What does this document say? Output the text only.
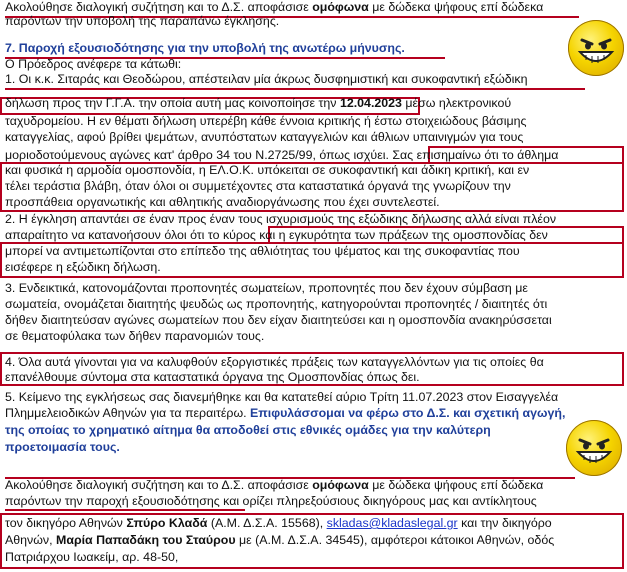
Ακολούθησε διαλογική συζήτηση και το Δ.Σ. αποφάσισε ομόφωνα με δώδεκα ψήφους επί δώδεκα
παρόντων την υποβολή της παραπάνω έγκλησης.
7. Παροχή εξουσιοδότησης για την υποβολή της ανωτέρω μήνυσης.
Ο Πρόεδρος ανέφερε τα κάτωθι:
1. Οι κ.κ. Σιταράς και Θεοδώρου, απέστειλαν μία άκρως δυσφημιστική και συκοφαντική εξώδικη
δήλωση προς την Γ.Γ.Α. την οποία αυτή μας κοινοποίησε την 12.04.2023 μέσω ηλεκτρονικού
ταχυδρομείου. Η εν θέματι δήλωση υπερέβη κάθε έννοια κριτικής ή έστω στοιχειώδους βάσιμης
καταγγελίας, αφού βρίθει ψεμάτων, ανυπόστατων καταγγελιών και άθλιων υπαινιγμών για τους
μοριοδοτούμενους αγώνες κατ' άρθρο 34 του Ν.2725/99, όπως ισχύει. Σας επισημαίνω ότι το άθλημα
και φυσικά η αρμοδία ομοσπονδία, η ΕΛ.Ο.Κ. υπόκειται σε συκοφαντική και άδικη κριτική, και εν
τέλει τεράστια βλάβη, όταν όλοι οι συμμετέχοντες στα καταστατικά όργανά της γνωρίζουν την
προσπάθεια οργανωτικής και αθλητικής αναδιοργάνωσης που έχει συντελεστεί.
2. Η έγκληση απαντάει σε έναν προς έναν τους ισχυρισμούς της εξώδικης δήλωσης αλλά είναι πλέον
απαραίτητο να κατανοήσουν όλοι ότι το κύρος και η εγκυρότητα των πράξεων της ομοσπονδίας δεν
μπορεί να αντιμετωπίζονται στο επίπεδο της αθλιότητας του ψέματος και της συκοφαντίας που
εισέφερε η εξώδικη δήλωση.
3. Ενδεικτικά, κατονομάζονται προπονητές σωματείων, προπονητές που δεν έχουν σύμβαση με
σωματεία, ονομάζεται διαιτητής ψευδώς ως προπονητής, κατηγορούνται προπονητές / διαιτητές ότι
δήθεν διαιτητεύσαν αγώνες σωματείων που δεν είχαν διαιτητεύσει και η ομοσπονδία ανακηρύσσεται
σε θεματοφύλακα των δήθεν παρανομιών τους.
4. Όλα αυτά γίνονται για να καλυφθούν εξοργιστικές πράξεις των καταγγελλόντων για τις οποίες θα
επανέλθουμε σύντομα στα καταστατικά όργανα της Ομοσπονδίας όπως δει.
5. Κείμενο της εγκλήσεως σας διανεμήθηκε και θα κατατεθεί αύριο Τρίτη 11.07.2023 στον Εισαγγελέα
Πλημμελειοδικών Αθηνών για τα περαιτέρω. Επιφυλάσσομαι να φέρω στο Δ.Σ. και σχετική αγωγή,
της οποίας το χρηματικό αίτημα θα αποδοθεί στις εθνικές ομάδες για την καλύτερη
προετοιμασία τους.
Ακολούθησε διαλογική συζήτηση και το Δ.Σ. αποφάσισε ομόφωνα με δώδεκα ψήφους επί δώδεκα
παρόντων την παροχή εξουσιοδότησης και ορίζει πληρεξούσιους δικηγόρους μας και αντίκλητους
τον δικηγόρο Αθηνών Σπύρο Κλαδά (Α.Μ. Δ.Σ.Α. 15568), skladas@kladaslegal.gr και την δικηγόρο
Αθηνών, Μαρία Παπαδάκη του Σταύρου με (Α.Μ. Δ.Σ.Α. 34545), αμφότεροι κάτοικοι Αθηνών, οδός
Πατριάρχου Ιωακείμ, αρ. 48-50,
